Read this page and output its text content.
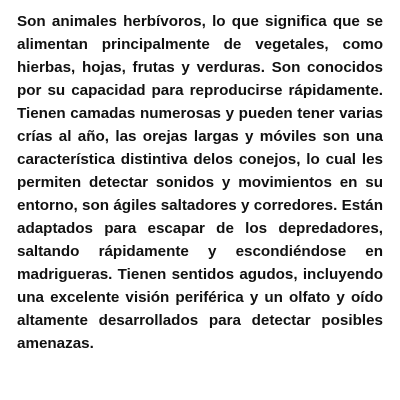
Son animales herbívoros, lo que significa que se alimentan principalmente de vegetales, como hierbas, hojas, frutas y verduras. Son conocidos por su capacidad para reproducirse rápidamente. Tienen camadas numerosas y pueden tener varias crías al año, las orejas largas y móviles son una característica distintiva delos conejos, lo cual les permiten detectar sonidos y movimientos en su entorno, son ágiles saltadores y corredores. Están adaptados para escapar de los depredadores, saltando rápidamente y escondiéndose en madrigueras. Tienen sentidos agudos, incluyendo una excelente visión periférica y un olfato y oído altamente desarrollados para detectar posibles amenazas.
